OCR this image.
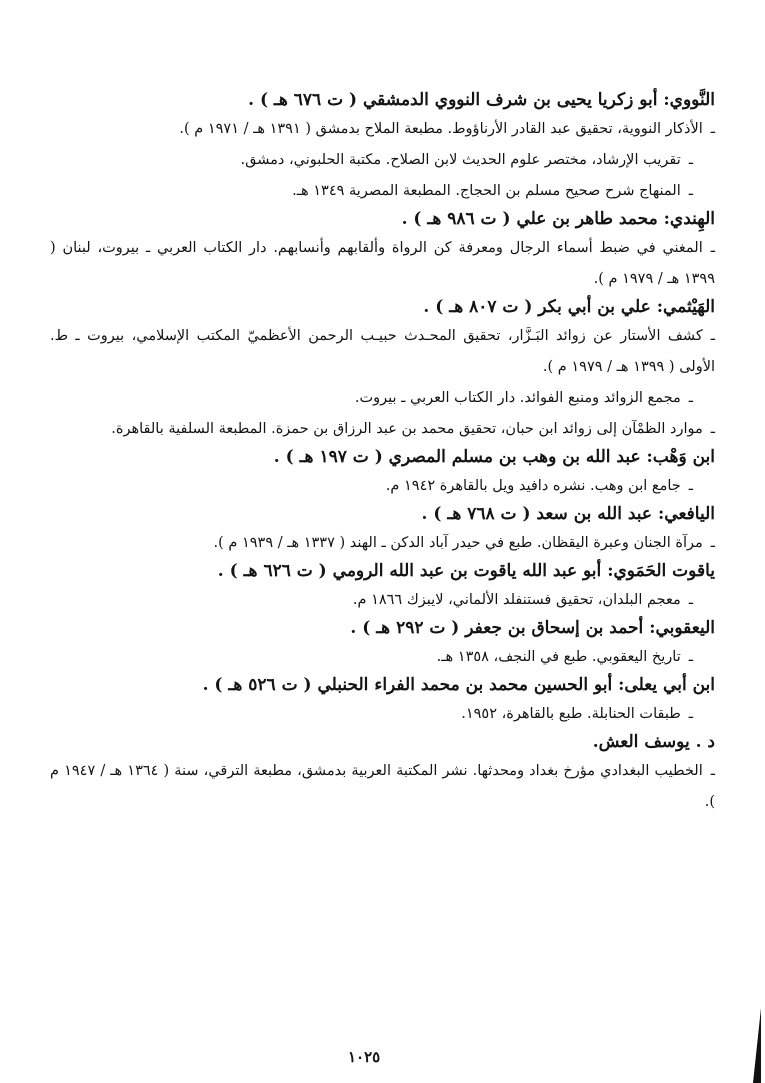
النَّووي: أبو زكريا يحيى بن شرف النووي الدمشقي ( ت ٦٧٦ هـ ) .
ـالأذكار النووية، تحقيق عبد القادر الأرناؤوط. مطبعة الملاح بدمشق ( ١٣٩١ هـ / ١٩٧١ م ).
ـتقريب الإرشاد، مختصر علوم الحديث لابن الصلاح. مكتبة الحلبوني، دمشق.
ـالمنهاج شرح صحيح مسلم بن الحجاج. المطبعة المصرية ١٣٤٩ هـ.
الهِندي: محمد طاهر بن علي ( ت ٩٨٦ هـ ) .
ـالمغني في ضبط أسماء الرجال ومعرفة كن الرواة وألقابهم وأنسابهم. دار الكتاب العربي ـ بيروت، لبنان ( ١٣٩٩ هـ / ١٩٧٩ م ).
الهَيْثمي: علي بن أبي بكر ( ت ٨٠٧ هـ ) .
ـكشف الأستار عن زوائد البَـزَّار، تحقيق المحـدث حبيـب الرحمن الأعظميّ المكتب الإسلامي، بيروت ـ ط. الأولى ( ١٣٩٩ هـ / ١٩٧٩ م ).
ـمجمع الزوائد ومنبع الفوائد. دار الكتاب العربي ـ بيروت.
ـموارد الظمْآن إلى زوائد ابن حبان، تحقيق محمد بن عبد الرزاق بن حمزة. المطبعة السلفية بالقاهرة.
ابن وَهْب: عبد الله بن وهب بن مسلم المصري ( ت ١٩٧ هـ ) .
ـجامع ابن وهب. نشره دافيد ويل بالقاهرة ١٩٤٢ م.
اليافعي: عبد الله بن سعد ( ت ٧٦٨ هـ ) .
ـمرآة الجنان وعبرة اليقظان. طبع في حيدر آباد الدكن ـ الهند ( ١٣٣٧ هـ / ١٩٣٩ م ).
ياقوت الحَمَوي: أبو عبد الله ياقوت بن عبد الله الرومي ( ت ٦٢٦ هـ ) .
ـمعجم البلدان، تحقيق فستنفلد الألماني، لايبزك ١٨٦٦ م.
اليعقوبي: أحمد بن إسحاق بن جعفر ( ت ٢٩٢ هـ ) .
ـتاريخ اليعقوبي. طبع في النجف، ١٣٥٨ هـ.
ابن أبي يعلى: أبو الحسين محمد بن محمد الفراء الحنبلي ( ت ٥٢٦ هـ ) .
ـطبقات الحنابلة. طبع بالقاهرة، ١٩٥٢.
د . يوسف العش.
ـالخطيب البغدادي مؤرخ بغداد ومحدثها. نشر المكتبة العربية بدمشق، مطبعة الترقي، سنة ( ١٣٦٤ هـ / ١٩٤٧ م ).
١٠٢٥
